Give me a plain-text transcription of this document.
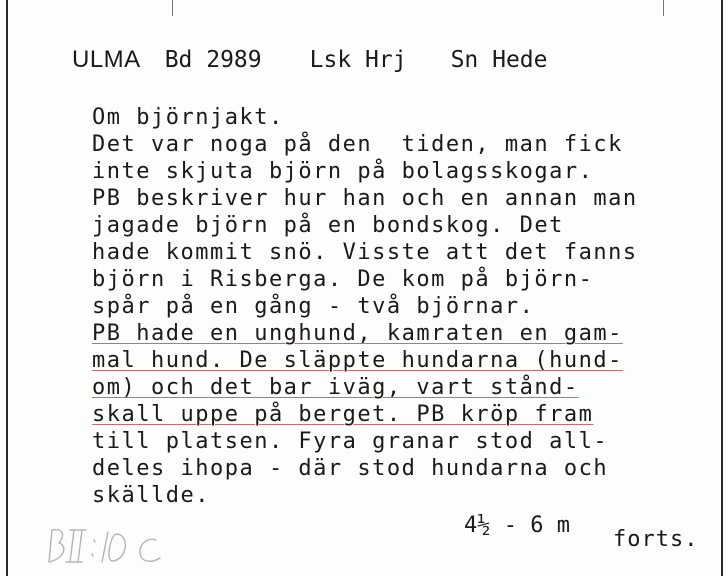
ULMA Bd 2989 Lsk Hrj Sn Hede
Om björnjakt.
Det var noga på den  tiden, man fick
inte skjuta björn på bolagsskogar.
PB beskriver hur han och en annan man
jagade björn på en bondskog. Det
hade kommit snö. Visste att det fanns
björn i Risberga. De kom på björn-
spår på en gång - två björnar.
PB hade en unghund, kamraten en gam-
mal hund. De släppte hundarna (hund-
om) och det bar iväg, vart stånd-
skall uppe på berget. PB kröp fram
till platsen. Fyra granar stod all-
deles ihopa - där stod hundarna och
skällde.
4½ - 6 m
forts.
